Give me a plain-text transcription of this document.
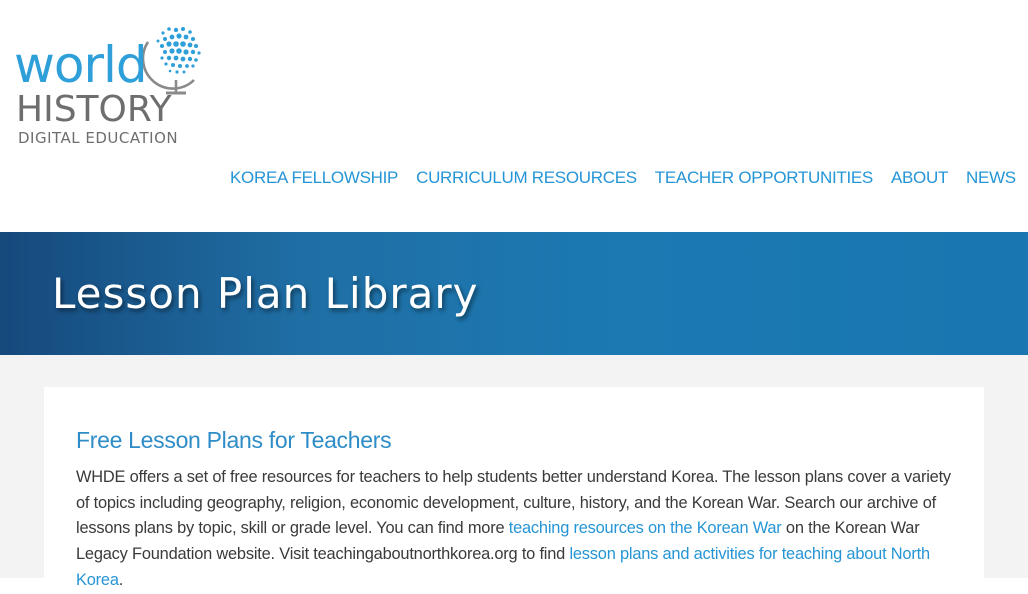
world
HISTORY
DIGITAL EDUCATION
KOREA FELLOWSHIP CURRICULUM RESOURCES TEACHER OPPORTUNITIES ABOUT NEWS
Lesson Plan Library
Free Lesson Plans for Teachers

WHDE offers a set of free resources for teachers to help students better understand Korea. The lesson plans cover a variety of topics including geography, religion, economic development, culture, history, and the Korean War. Search our archive of lessons plans by topic, skill or grade level. You can find more teaching resources on the Korean War on the Korean War Legacy Foundation website. Visit teachingaboutnorthkorea.org to find lesson plans and activities for teaching about North Korea.
